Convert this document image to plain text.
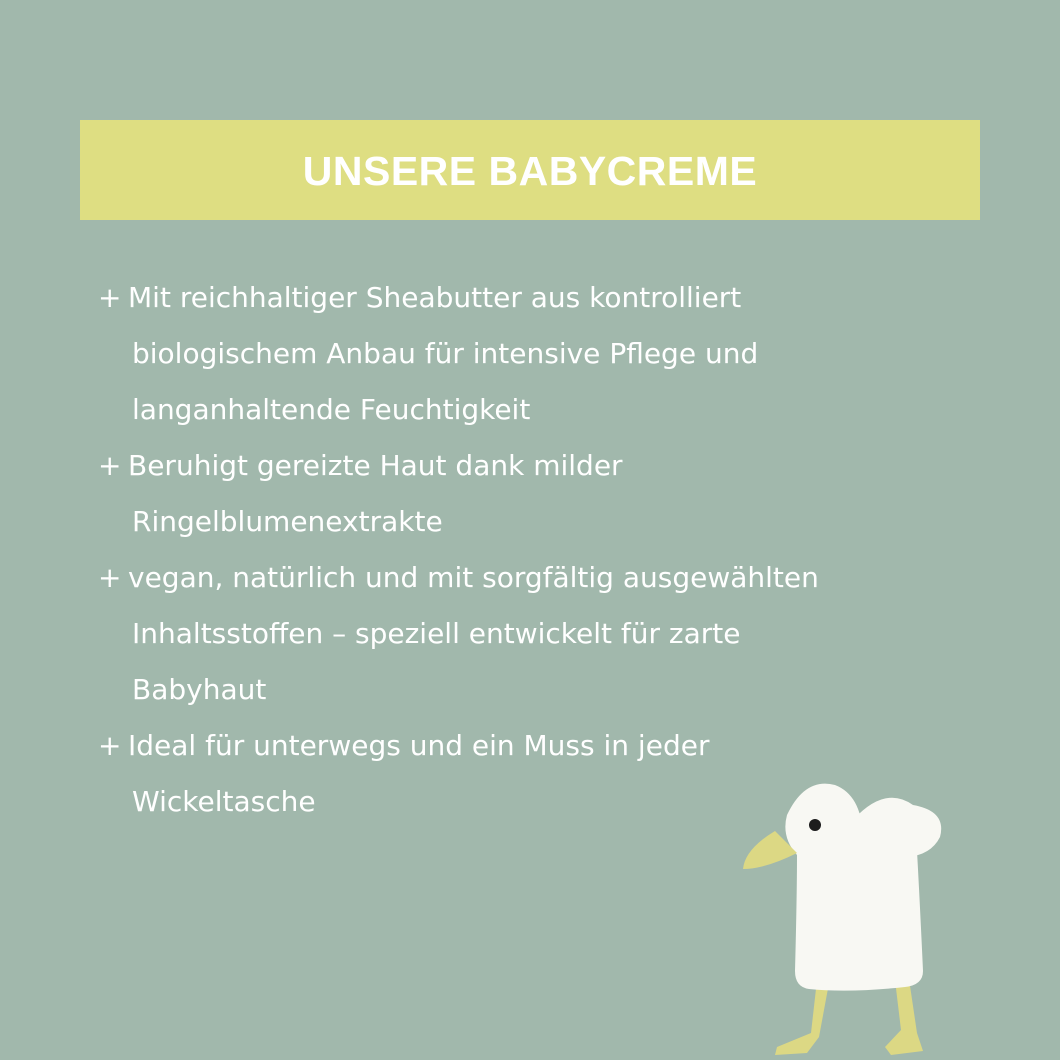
UNSERE BABYCREME
+ Mit reichhaltiger Sheabutter aus kontrolliert
biologischem Anbau für intensive Pflege und
langanhaltende Feuchtigkeit
+ Beruhigt gereizte Haut dank milder
Ringelblumenextrakte
+ vegan, natürlich und mit sorgfältig ausgewählten
Inhaltsstoffen – speziell entwickelt für zarte
Babyhaut
+ Ideal für unterwegs und ein Muss in jeder
Wickeltasche
